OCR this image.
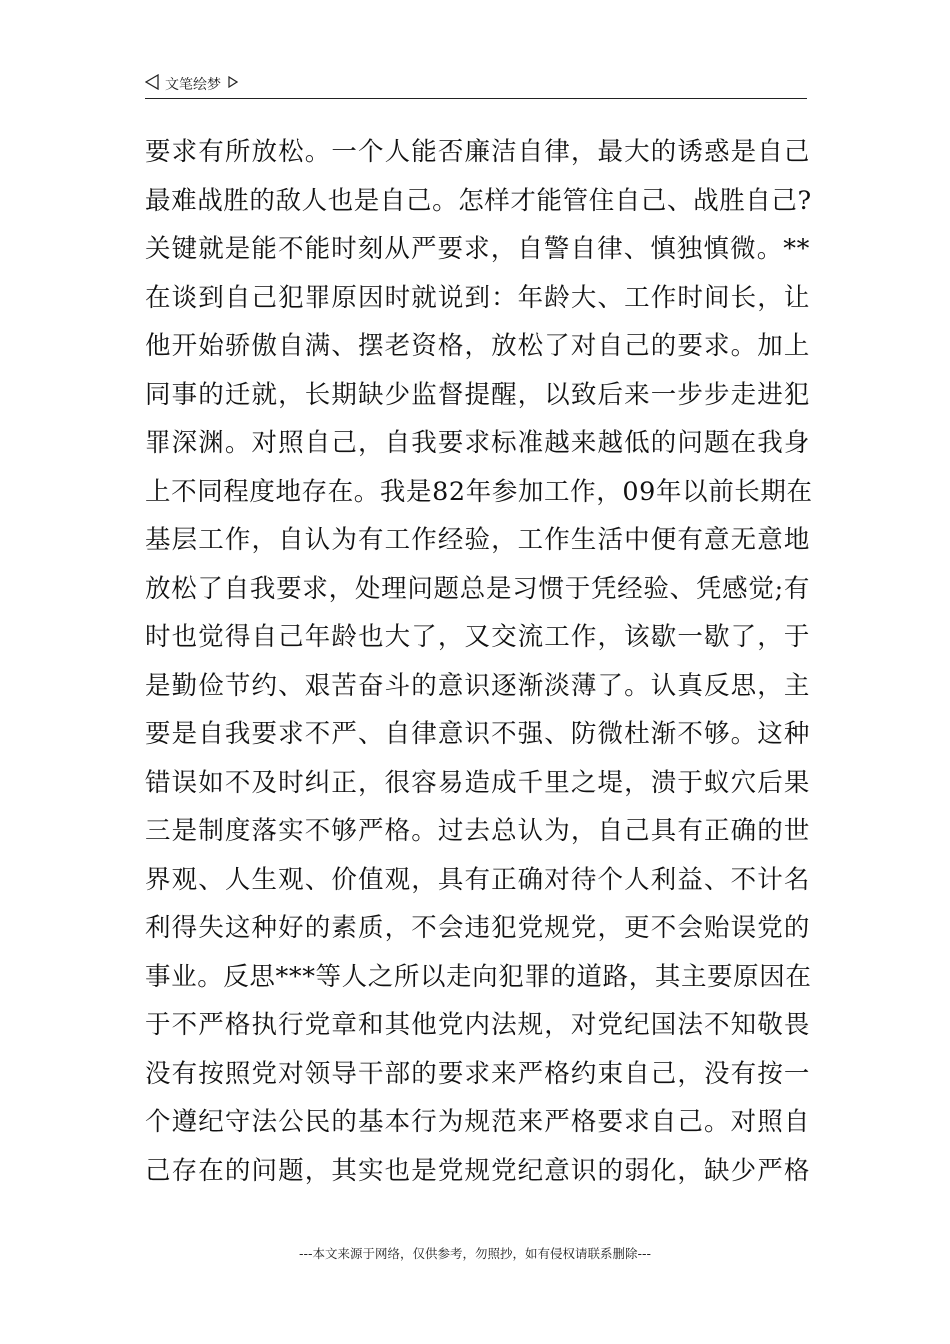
文笔绘梦
要求有所放松。一个人能否廉洁自律，最大的诱惑是自己
最难战胜的敌人也是自己。怎样才能管住自己、战胜自己?
关键就是能不能时刻从严要求，自警自律、慎独慎微。**
在谈到自己犯罪原因时就说到：年龄大、工作时间长，让
他开始骄傲自满、摆老资格，放松了对自己的要求。加上
同事的迁就，长期缺少监督提醒，以致后来一步步走进犯
罪深渊。对照自己，自我要求标准越来越低的问题在我身
上不同程度地存在。我是82年参加工作，09年以前长期在
基层工作，自认为有工作经验，工作生活中便有意无意地
放松了自我要求，处理问题总是习惯于凭经验、凭感觉;有
时也觉得自己年龄也大了，又交流工作，该歇一歇了，于
是勤俭节约、艰苦奋斗的意识逐渐淡薄了。认真反思，主
要是自我要求不严、自律意识不强、防微杜渐不够。这种
错误如不及时纠正，很容易造成千里之堤，溃于蚁穴后果
三是制度落实不够严格。过去总认为，自己具有正确的世
界观、人生观、价值观，具有正确对待个人利益、不计名
利得失这种好的素质，不会违犯党规党，更不会贻误党的
事业。反思***等人之所以走向犯罪的道路，其主要原因在
于不严格执行党章和其他党内法规，对党纪国法不知敬畏
没有按照党对领导干部的要求来严格约束自己，没有按一
个遵纪守法公民的基本行为规范来严格要求自己。对照自
己存在的问题，其实也是党规党纪意识的弱化，缺少严格
---本文来源于网络，仅供参考，勿照抄，如有侵权请联系删除---
